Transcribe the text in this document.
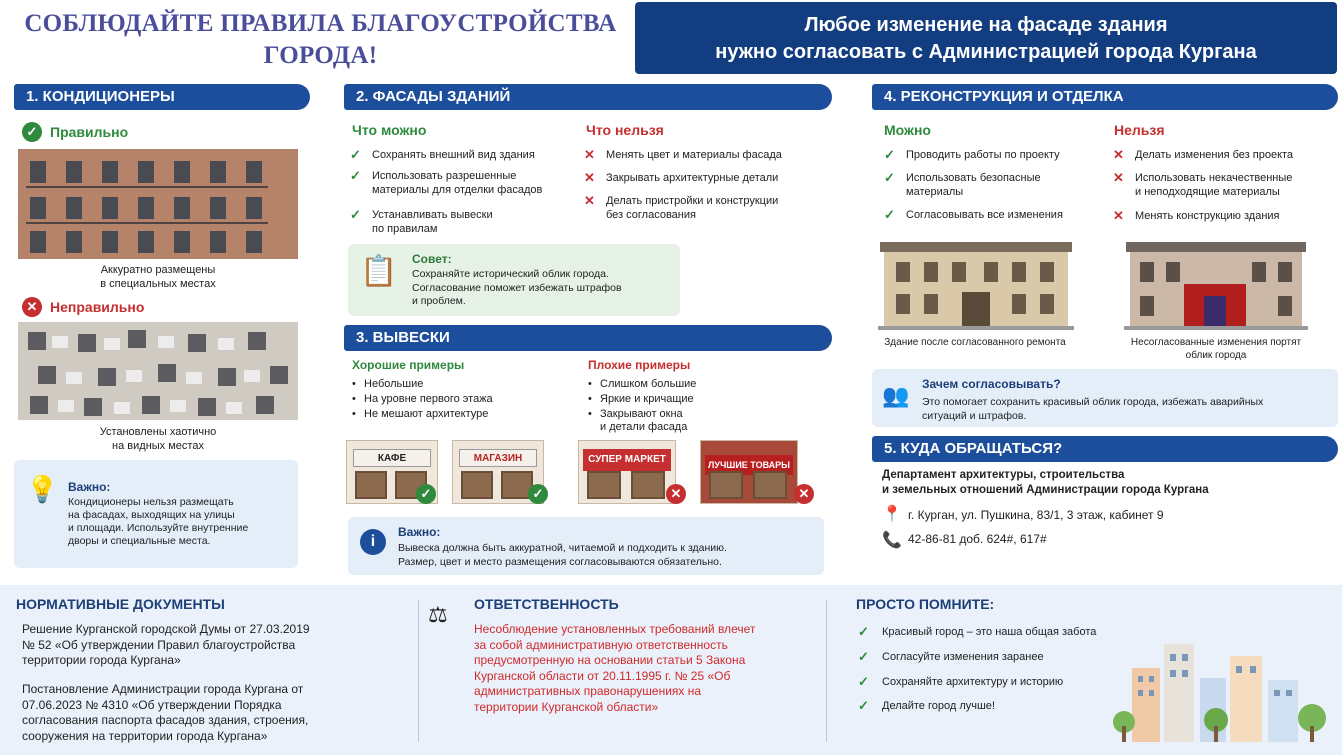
СОБЛЮДАЙТЕ ПРАВИЛА БЛАГОУСТРОЙСТВА
ГОРОДА!
Любое изменение на фасаде здания
нужно согласовать с Администрацией города Кургана
1. КОНДИЦИОНЕРЫ
✓ Правильно
Аккуратно размещены
в специальных местах
✕ Неправильно
Установлены хаотично
на видных местах
💡 Важно:
Кондиционеры нельзя размещать
на фасадах, выходящих на улицы
и площади. Используйте внутренние
дворы и специальные места.
2. ФАСАДЫ ЗДАНИЙ
Что можно	Что нельзя
✓ Сохранять внешний вид здания
✓ Использовать разрешенные
материалы для отделки фасадов
✓ Устанавливать вывески
по правилам
✕ Менять цвет и материалы фасада
✕ Закрывать архитектурные детали
✕ Делать пристройки и конструкции
без согласования
📋 Совет:
Сохраняйте исторический облик города.
Согласование поможет избежать штрафов
и проблем.
3. ВЫВЕСКИ
Хорошие примеры	Плохие примеры
• Небольшие
• На уровне первого этажа
• Не мешают архитектуре
• Слишком большие
• Яркие и кричащие
• Закрывают окна
и детали фасада
КАФЕ
✓
МАГАЗИН
✓
СУПЕР МАРКЕТ
✕
ЛУЧШИЕ ТОВАРЫ
✕
i
Важно:
Вывеска должна быть аккуратной, читаемой и подходить к зданию.
Размер, цвет и место размещения согласовываются обязательно.
4. РЕКОНСТРУКЦИЯ И ОТДЕЛКА
Можно	Нельзя
✓ Проводить работы по проекту
✓ Использовать безопасные
материалы
✓ Согласовывать все изменения
✕ Делать изменения без проекта
✕ Использовать некачественные
и неподходящие материалы
✕ Менять конструкцию здания
Здание после согласованного ремонта	Несогласованные изменения портят
облик города
👥 Зачем согласовывать?
Это помогает сохранить красивый облик города, избежать аварийных
ситуаций и штрафов.
5. КУДА ОБРАЩАТЬСЯ?
Департамент архитектуры, строительства
и земельных отношений Администрации города Кургана
📍 г. Курган, ул. Пушкина, 83/1, 3 этаж, кабинет 9
📞 42-86-81 доб. 624#, 617#
НОРМАТИВНЫЕ ДОКУМЕНТЫ
Решение Курганской городской Думы от 27.03.2019
№ 52 «Об утверждении Правил благоустройства
территории города Кургана»
Постановление Администрации города Кургана от
07.06.2023 № 4310 «Об утверждении Порядка
согласования паспорта фасадов здания, строения,
сооружения на территории города Кургана»
⚖ ОТВЕТСТВЕННОСТЬ
Несоблюдение установленных требований влечет
за собой административную ответственность
предусмотренную на основании статьи 5 Закона
Курганской области от 20.11.1995 г. № 25 «Об
административных правонарушениях на
территории Курганской области»
ПРОСТО ПОМНИТЕ:
✓ Красивый город – это наша общая забота
✓ Согласуйте изменения заранее
✓ Сохраняйте архитектуру и историю
✓ Делайте город лучше!
